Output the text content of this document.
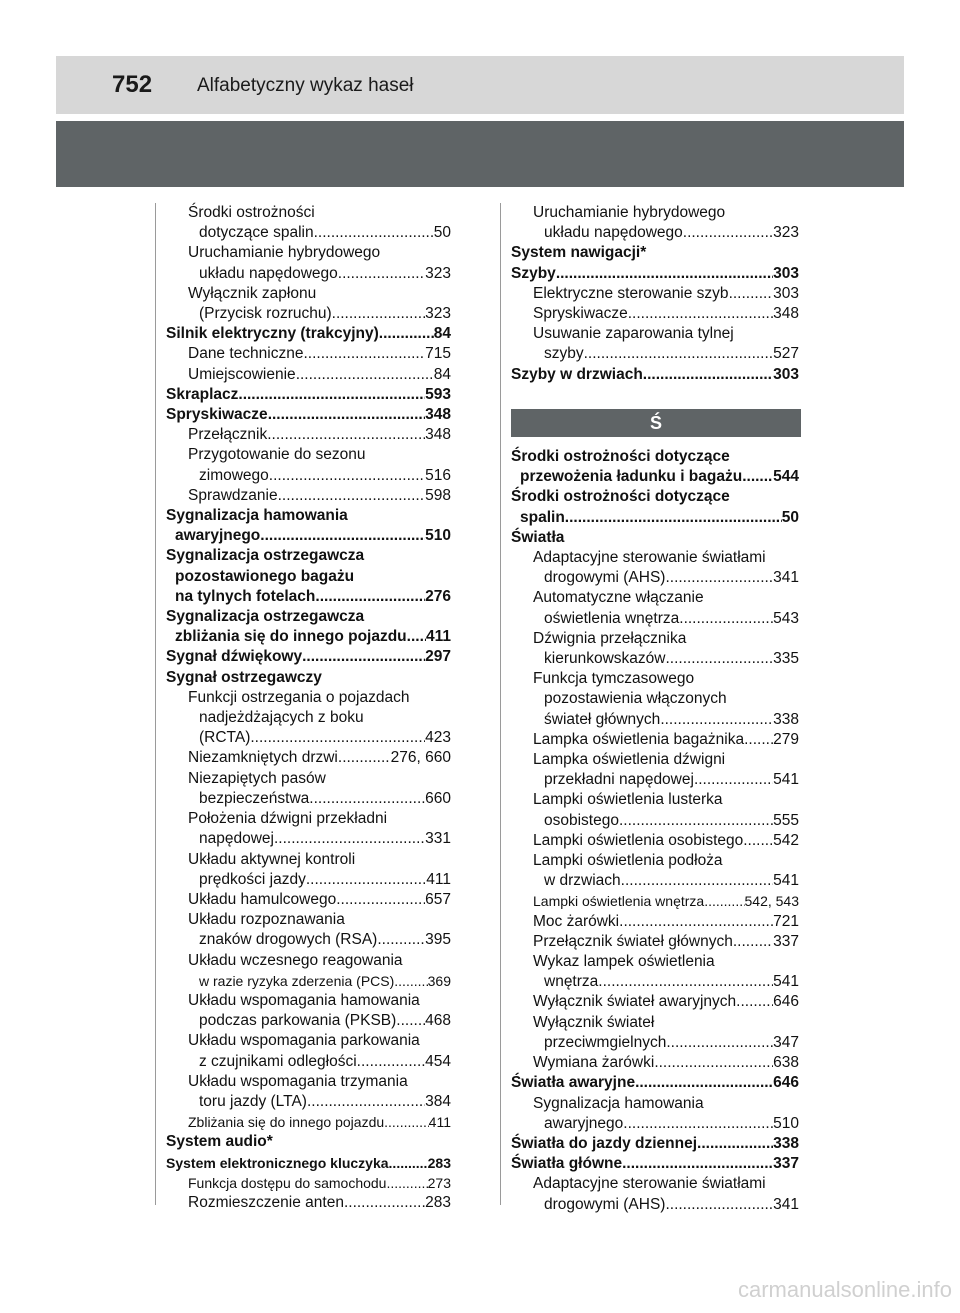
752 Alfabetyczny wykaz haseł
Środki ostrożności
dotyczące spalin .....	50
Uruchamianie hybrydowego
układu napędowego .....	323
Wyłącznik zapłonu
(Przycisk rozruchu) .....	323
Silnik elektryczny (trakcyjny) .....	84
Dane techniczne .....	715
Umiejscowienie .....	84
Skraplacz .....	593
Spryskiwacze .....	348
Przełącznik .....	348
Przygotowanie do sezonu
zimowego .....	516
Sprawdzanie .....	598
Sygnalizacja hamowania
awaryjnego .....	510
Sygnalizacja ostrzegawcza
pozostawionego bagażu
na tylnych fotelach .....	276
Sygnalizacja ostrzegawcza
zbliżania się do innego pojazdu ..... 411
Sygnał dźwiękowy .....	297
Sygnał ostrzegawczy
Funkcji ostrzegania o pojazdach
nadjeżdżających z boku
(RCTA) .....	423
Niezamkniętych drzwi .....	276, 660
Niezapiętych pasów
bezpieczeństwa .....	660
Położenia dźwigni przekładni
napędowej .....	331
Układu aktywnej kontroli
prędkości jazdy .....	411
Układu hamulcowego .....	657
Układu rozpoznawania
znaków drogowych (RSA) .....	395
Układu wczesnego reagowania
w razie ryzyka zderzenia (PCS) ..... 369
Układu wspomagania hamowania
podczas parkowania (PKSB) ..... 468
Układu wspomagania parkowania
z czujnikami odległości .....	454
Układu wspomagania trzymania
toru jazdy (LTA) .....	384
Zbliżania się do innego pojazdu .....	411
System audio*
System elektronicznego kluczyka .....	283
Funkcja dostępu do samochodu .....	273
Rozmieszczenie anten .....	283
Uruchamianie hybrydowego
układu napędowego .....	323
System nawigacji*
Szyby .....	303
Elektryczne sterowanie szyb .....	303
Spryskiwacze .....	348
Usuwanie zaparowania tylnej
szyby .....	527
Szyby w drzwiach .....	303
Ś
Środki ostrożności dotyczące
przewożenia ładunku i bagażu ..... 544
Środki ostrożności dotyczące
spalin .....	50
Światła
Adaptacyjne sterowanie światłami
drogowymi (AHS) .....	341
Automatyczne włączanie
oświetlenia wnętrza .....	543
Dźwignia przełącznika
kierunkowskazów .....	335
Funkcja tymczasowego
pozostawienia włączonych
świateł głównych .....	338
Lampka oświetlenia bagażnika ..... 279
Lampka oświetlenia dźwigni
przekładni napędowej .....	541
Lampki oświetlenia lusterka
osobistego .....	555
Lampki oświetlenia osobistego ..... 542
Lampki oświetlenia podłoża
w drzwiach .....	541
Lampki oświetlenia wnętrza .....	542, 543
Moc żarówki .....	721
Przełącznik świateł głównych .....	337
Wykaz lampek oświetlenia
wnętrza .....	541
Wyłącznik świateł awaryjnych ..... 646
Wyłącznik świateł
przeciwmgielnych .....	347
Wymiana żarówki .....	638
Światła awaryjne .....	646
Sygnalizacja hamowania
awaryjnego .....	510
Światła do jazdy dziennej .....	338
Światła główne .....	337
Adaptacyjne sterowanie światłami
drogowymi (AHS) .....	341
carmanualsonline.info
